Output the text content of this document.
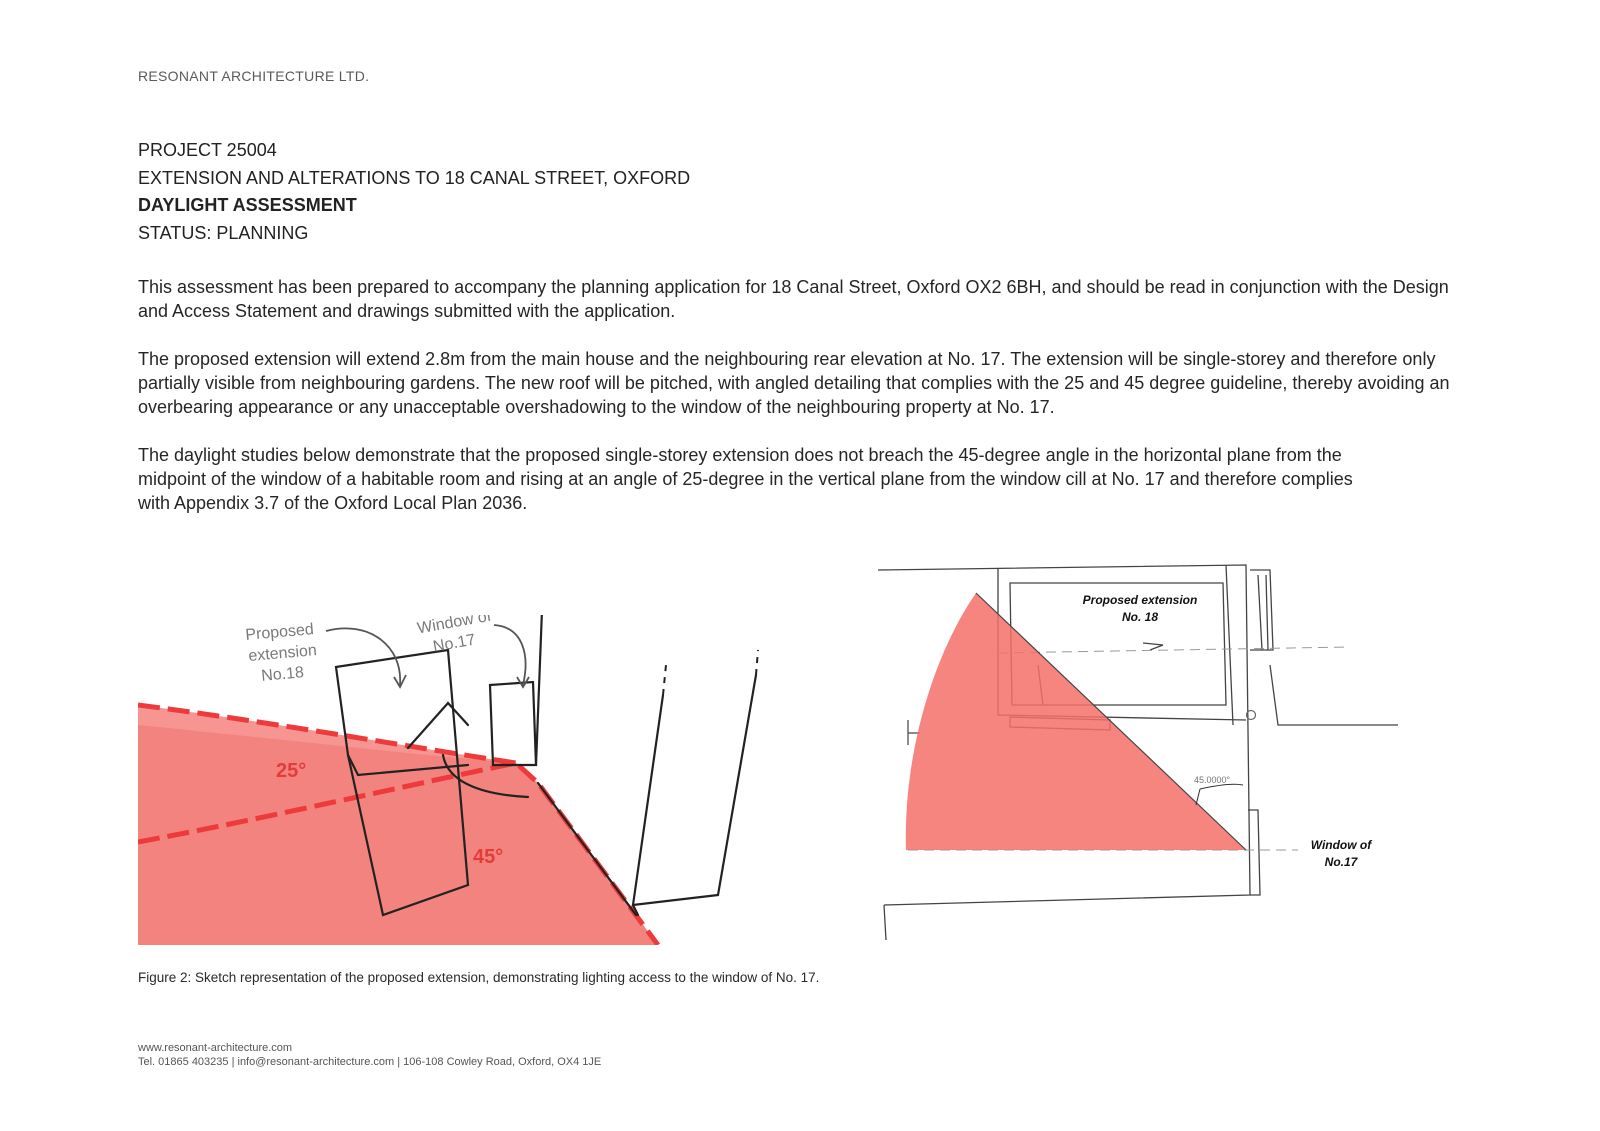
RESONANT ARCHITECTURE LTD.
PROJECT 25004
EXTENSION AND ALTERATIONS TO 18 CANAL STREET, OXFORD
DAYLIGHT ASSESSMENT
STATUS: PLANNING

This assessment has been prepared to accompany the planning application for 18 Canal Street, Oxford OX2 6BH, and should be read in conjunction with the Design and Access Statement and drawings submitted with the application.

The proposed extension will extend 2.8m from the main house and the neighbouring rear elevation at No. 17. The extension will be single-storey and therefore only partially visible from neighbouring gardens. The new roof will be pitched, with angled detailing that complies with the 25 and 45 degree guideline, thereby avoiding an overbearing appearance or any unacceptable overshadowing to the window of the neighbouring property at No. 17.

The daylight studies below demonstrate that the proposed single-storey extension does not breach the 45-degree angle in the horizontal plane from the midpoint of the window of a habitable room and rising at an angle of 25-degree in the vertical plane from the window cill at No. 17 and therefore complies with Appendix 3.7 of the Oxford Local Plan 2036.

Proposed
extension
No.18
Window of
No.17
25°
45°
45.0000°
Proposed extension
No. 18
Window of
No.17
Figure 2: Sketch representation of the proposed extension, demonstrating lighting access to the window of No. 17.
www.resonant-architecture.com
Tel. 01865 403235 | info@resonant-architecture.com | 106-108 Cowley Road, Oxford, OX4 1JE
